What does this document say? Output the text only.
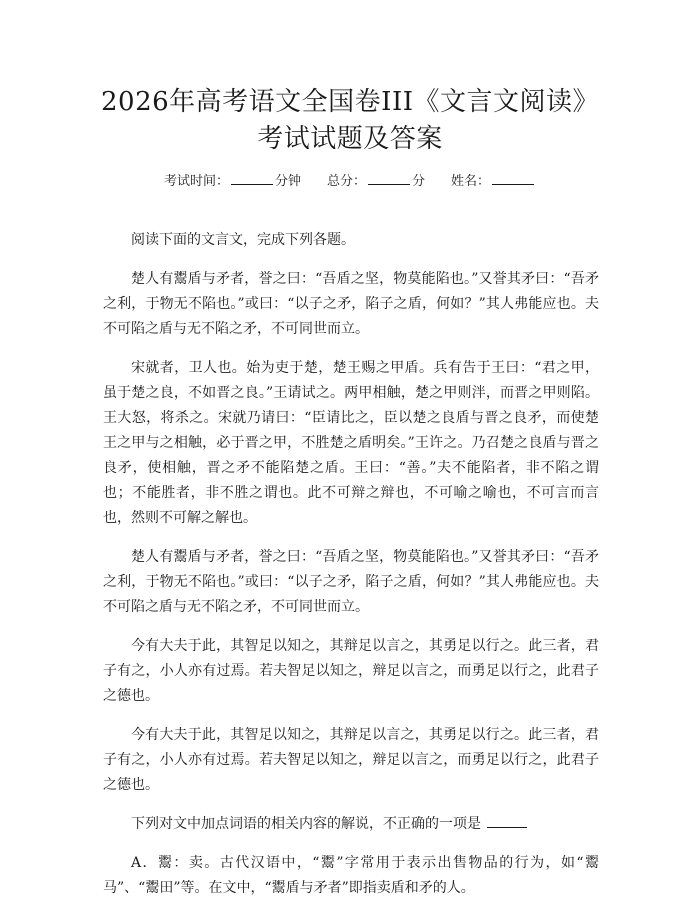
2026年高考语文全国卷III《文言文阅读》
考试试题及答案
考试时间：	分钟 总分：	分 姓名：

阅读下面的文言文，完成下列各题。

楚人有鬻盾与矛者，誉之曰：“吾盾之坚，物莫能陷也。”又誉其矛曰：“吾矛之利，于物无不陷也。”或曰：“以子之矛，陷子之盾，何如？”其人弗能应也。夫不可陷之盾与无不陷之矛，不可同世而立。

宋就者，卫人也。始为吏于楚，楚王赐之甲盾。兵有告于王曰：“君之甲，虽于楚之良，不如晋之良。”王请试之。两甲相触，楚之甲则泮，而晋之甲则陷。王大怒，将杀之。宋就乃请曰：“臣请比之，臣以楚之良盾与晋之良矛，而使楚王之甲与之相触，必于晋之甲，不胜楚之盾明矣。”王许之。乃召楚之良盾与晋之良矛，使相触，晋之矛不能陷楚之盾。王曰：“善。”夫不能陷者，非不陷之谓也；不能胜者，非不胜之谓也。此不可辩之辩也，不可喻之喻也，不可言而言也，然则不可解之解也。

楚人有鬻盾与矛者，誉之曰：“吾盾之坚，物莫能陷也。”又誉其矛曰：“吾矛之利，于物无不陷也。”或曰：“以子之矛，陷子之盾，何如？”其人弗能应也。夫不可陷之盾与无不陷之矛，不可同世而立。

今有大夫于此，其智足以知之，其辩足以言之，其勇足以行之。此三者，君子有之，小人亦有过焉。若夫智足以知之，辩足以言之，而勇足以行之，此君子之德也。

今有大夫于此，其智足以知之，其辩足以言之，其勇足以行之。此三者，君子有之，小人亦有过焉。若夫智足以知之，辩足以言之，而勇足以行之，此君子之德也。

下列对文中加点词语的相关内容的解说，不正确的一项是

A．鬻：卖。古代汉语中，“鬻”字常用于表示出售物品的行为，如“鬻马”、“鬻田”等。在文中，“鬻盾与矛者”即指卖盾和矛的人。
